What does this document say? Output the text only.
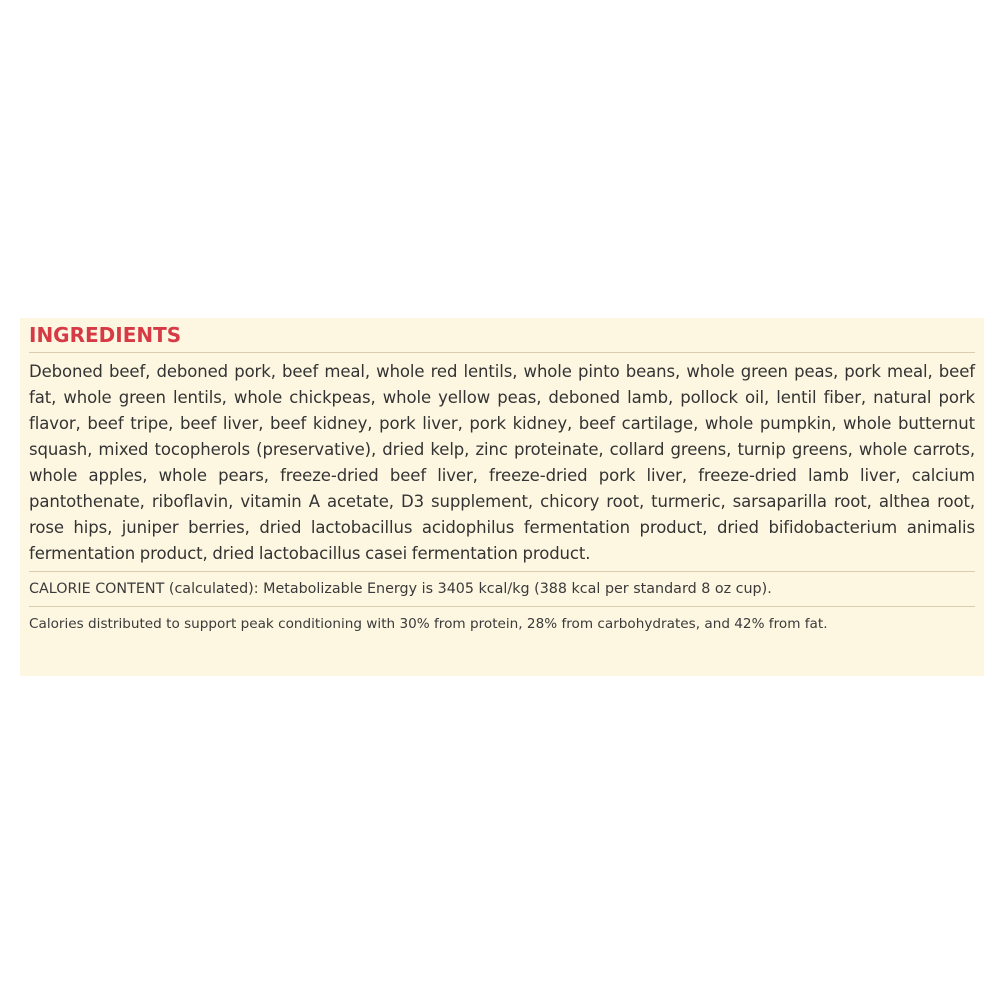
INGREDIENTS

Deboned beef, deboned pork, beef meal, whole red lentils, whole pinto beans, whole green peas, pork meal, beef fat, whole green lentils, whole chickpeas, whole yellow peas, deboned lamb, pollock oil, lentil fiber, natural pork flavor, beef tripe, beef liver, beef kidney, pork liver, pork kidney, beef cartilage, whole pumpkin, whole butternut squash, mixed tocopherols (preservative), dried kelp, zinc proteinate, collard greens, turnip greens, whole carrots, whole apples, whole pears, freeze-dried beef liver, freeze-dried pork liver, freeze-dried lamb liver, calcium pantothenate, riboflavin, vitamin A acetate, D3 supplement, chicory root, turmeric, sarsaparilla root, althea root, rose hips, juniper berries, dried lactobacillus acidophilus fermentation product, dried bifidobacterium animalis fermentation product, dried lactobacillus casei fermentation product.

CALORIE CONTENT (calculated): Metabolizable Energy is 3405 kcal/kg (388 kcal per standard 8 oz cup).

Calories distributed to support peak conditioning with 30% from protein, 28% from carbohydrates, and 42% from fat.
